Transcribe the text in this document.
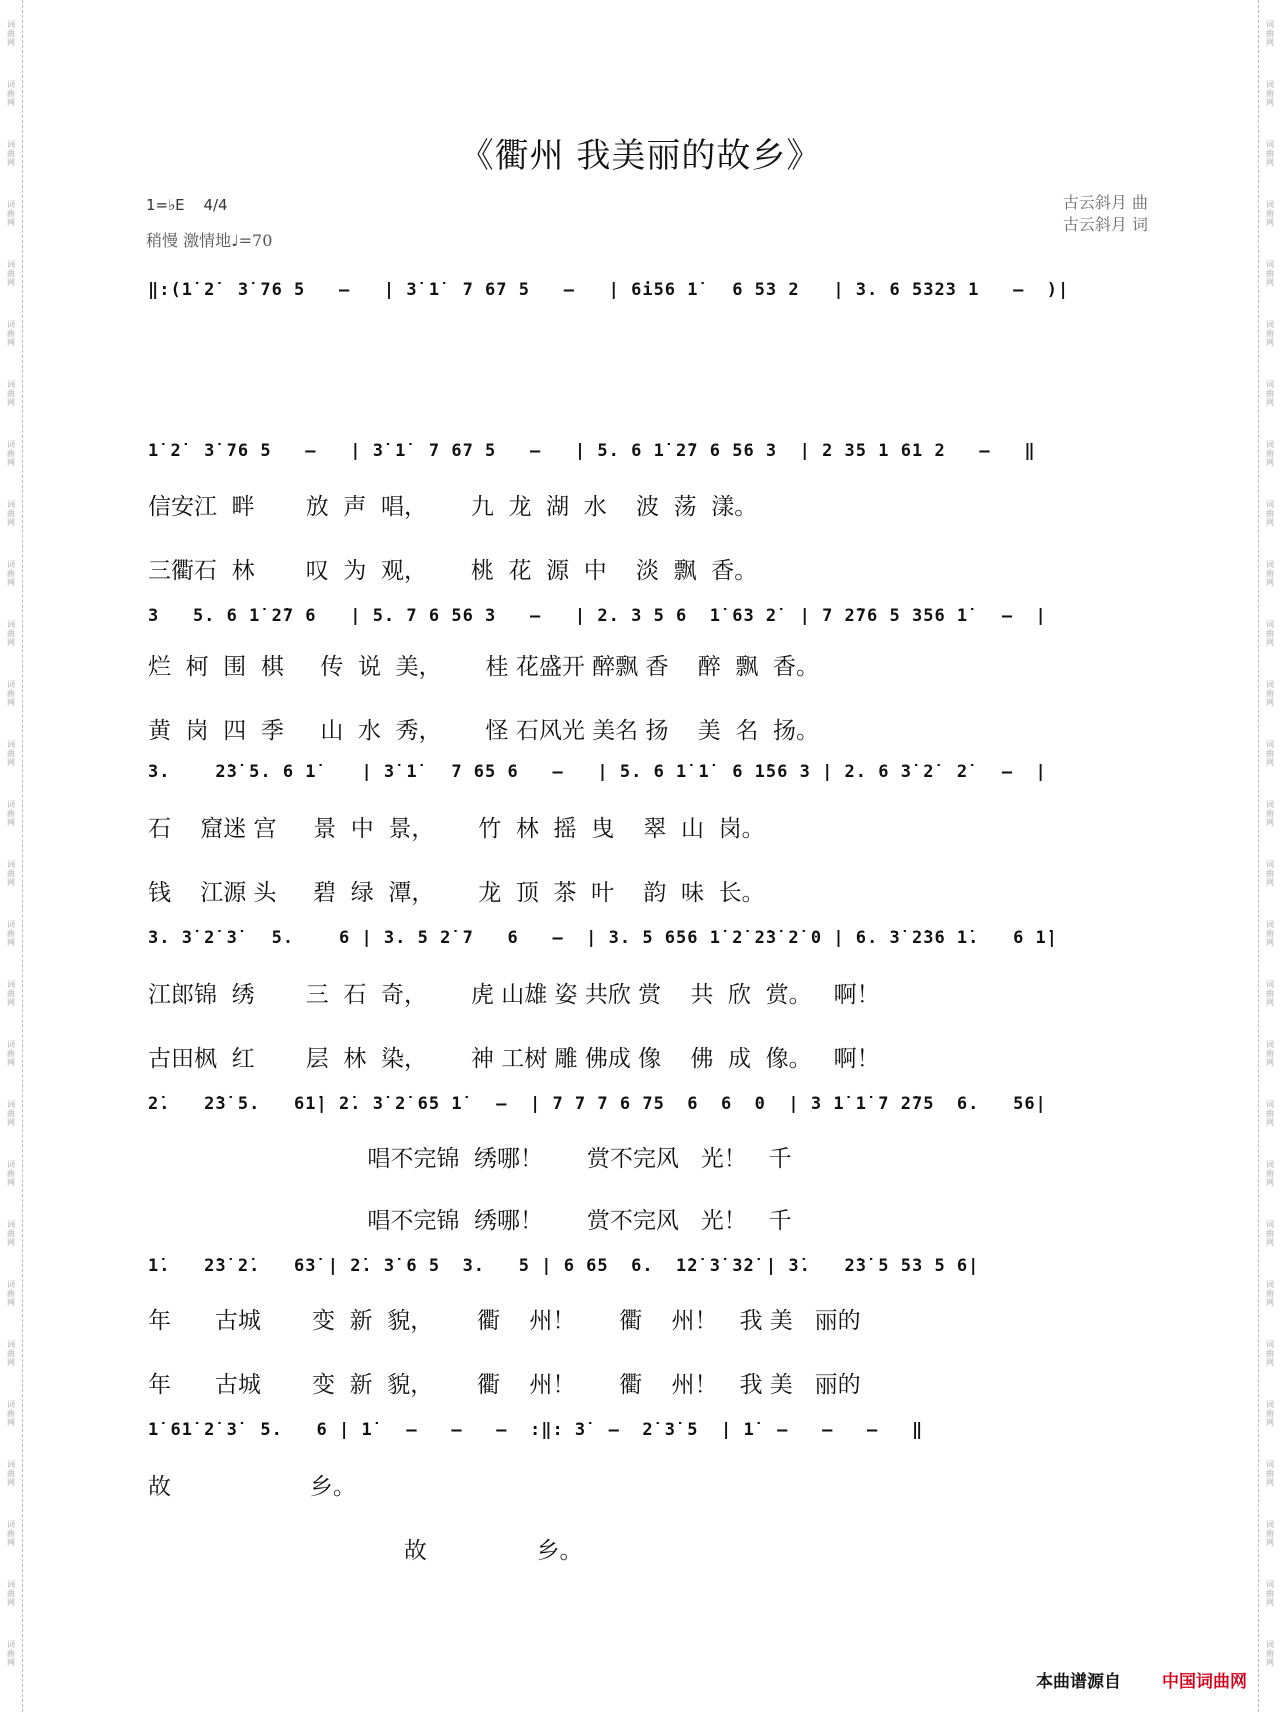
词
曲
网
词
曲
网
词
曲
网
词
曲
网
词
曲
网
词
曲
网
词
曲
网
词
曲
网
词
曲
网
词
曲
网
词
曲
网
词
曲
网
词
曲
网
词
曲
网
词
曲
网
词
曲
网
词
曲
网
词
曲
网
词
曲
网
词
曲
网
词
曲
网
词
曲
网
词
曲
网
词
曲
网
词
曲
网
词
曲
网
词
曲
网
词
曲
网
词
曲
网
词
曲
网
词
曲
网
词
曲
网
词
曲
网
词
曲
网
词
曲
网
词
曲
网
词
曲
网
词
曲
网
词
曲
网
词
曲
网
词
曲
网
词
曲
网
词
曲
网
词
曲
网
词
曲
网
词
曲
网
词
曲
网
词
曲
网
词
曲
网
词
曲
网
词
曲
网
词
曲
网
词
曲
网
词
曲
网
词
曲
网
词
曲
网
《衢州 我美丽的故乡》
1=♭E 4/4
稍慢 激情地♩=70
古云斜月 曲
古云斜月 词
‖:(1̇ 2̇  3̇ 76 5   –   | 3̇ 1̇  7 67 5   –   | 6i56 1̇   6 53 2   | 3. 6 5323 1   –  )|
1̇ 2̇  3̇ 76 5   –   | 3̇ 1̇  7 67 5   –   | 5. 6 1̇ 2̇7 6 56 3  | 2 35 1 61 2   –   ‖
信安江  畔       放  声  唱，      九  龙  湖  水    波  荡  漾。
三衢石  林       叹  为  观，      桃  花  源  中    淡  飘  香。
3   5. 6 1̇ 2̇7 6   | 5. 7 6 56 3   –   | 2. 3 5 6  1̇ 63 2̇  | 7 2̇76 5 356 1̇   –  |
烂  柯  围  棋     传  说  美，      桂 花盛开 醉飘 香    醉  飘  香。
黄  岗  四  季     山  水  秀，      怪 石风光 美名 扬    美  名  扬。
3.    2̇3̇ 5. 6 1̇    | 3̇ 1̇   7 65 6   –   | 5. 6 1̇ 1̇  6 1̇56 3 | 2. 6 3̇ 2̇  2̇   –  |
石    窟迷 宫     景  中  景，      竹  林  摇  曳    翠  山  岗。
钱    江源 头     碧  绿  潭，      龙  顶  茶  叶    韵  味  长。
3. 3̇ 2̇ 3̇   5.    6 | 3. 5 2̇ 7   6   –  | 3. 5 656 1̇ 2̇ 2̇3̇ 2̇ 0 | 6. 3̇ 2̇36 1̇.   6 1̇|
江郎锦  绣       三  石  奇，      虎 山雄 姿 共欣 赏    共  欣  赏。   啊！
古田枫  红       层  林  染，      神 工树 雕 佛成 像    佛  成  像。   啊！
2̇.   2̇3̇ 5.   61̇| 2̇. 3̇ 2̇ 65 1̇   –  | 7 7 7 6 75  6  6  0  | 3 1̇ 1̇ 7 2̇75  6.   56|
唱不完锦  绣哪！      赏不完风   光！   千
唱不完锦  绣哪！      赏不完风   光！   千
1̇.   2̇3̇ 2̇.   63̇ | 2̇. 3̇ 6 5  3.   5 | 6 65  6.  1̇2̇ 3̇ 3̇2̇ | 3̇.   2̇3̇ 5 53 5 6|
年      古城       变  新  貌，      衢    州！      衢    州！   我 美   丽的
年      古城       变  新  貌，      衢    州！      衢    州！   我 美   丽的
1̇ 61̇ 2̇ 3̇  5.   6 | 1̇   –   –   –  :‖: 3̇  –  2̇ 3̇ 5  | 1̇  –   –   –   ‖
故                   乡。
故               乡。
本曲谱源自 中国词曲网
